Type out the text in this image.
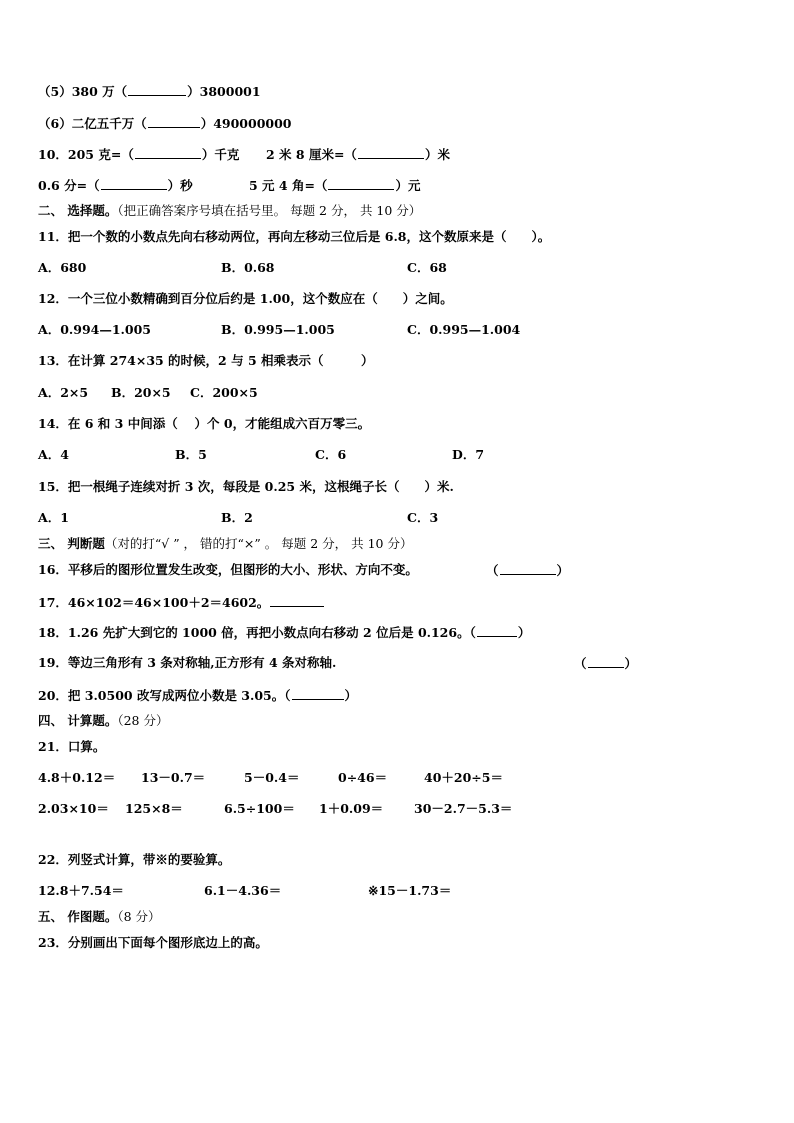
（5）380 万（	）3800001
（6）二亿五千万（	）490000000
10．205 克=（	）千克 2 米 8 厘米=（	）米
0.6 分=（	）秒	5 元 4 角=（	）元
二、 选择题。（把正确答案序号填在括号里。 每题 2 分， 共 10 分）
11．把一个数的小数点先向右移动两位，再向左移动三位后是 6.8，这个数原来是（　　）。
A．680	B．0.68	C．68
12．一个三位小数精确到百分位后约是 1.00，这个数应在（　　）之间。
A．0.994—1.005	B．0.995—1.005	C．0.995—1.004
13．在计算 274×35 的时候，2 与 5 相乘表示（　　　）
A．2×5 B．20×5 C．200×5
14．在 6 和 3 中间添（　 ）个 0，才能组成六百万零三。
A．4	B．5	C．6	D．7
15．把一根绳子连续对折 3 次，每段是 0.25 米，这根绳子长（　　）米.
A．1	B．2	C．3
三、 判断题（对的打“√ ” ， 错的打“×” 。 每题 2 分， 共 10 分）
16．平移后的图形位置发生改变，但图形的大小、形状、方向不变。	（	）
17．46×102＝46×100＋2＝4602。
18．1.26 先扩大到它的 1000 倍，再把小数点向右移动 2 位后是 0.126。（	）
19．等边三角形有 3 条对称轴,正方形有 4 条对称轴.	（	）
20．把 3.0500 改写成两位小数是 3.05。（	）
四、 计算题。（28 分）
21．口算。
4.8＋0.12＝ 13－0.7＝	5－0.4＝	0÷46＝	40＋20÷5＝
2.03×10＝ 125×8＝	6.5÷100＝ 1＋0.09＝ 30－2.7－5.3＝
22．列竖式计算，带※的要验算。
12.8＋7.54＝	6.1－4.36＝	※15－1.73＝
五、 作图题。（8 分）
23．分别画出下面每个图形底边上的高。
